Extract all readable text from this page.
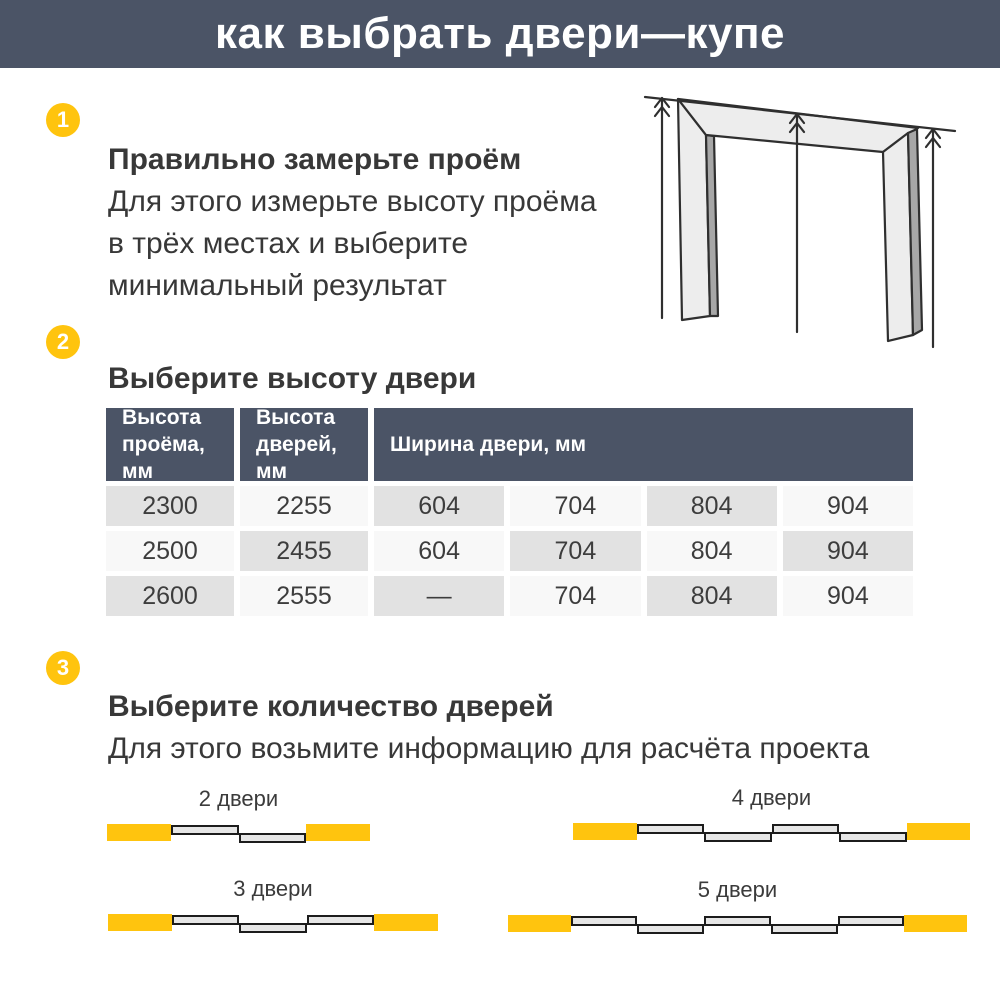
как выбрать двери—купе
1
2
3
Правильно замерьте проём
Для этого измерьте высоту проёма
в трёх местах и выберите
минимальный результат
Выберите высоту двери
Высота проёма, мм
Высота дверей, мм
Ширина двери, мм
2300	2255	604	704	804	904
2500	2455	604	704	804	904
2600	2555	—	704	804	904
Выберите количество дверей
Для этого возьмите информацию для расчёта проекта
2 двери	4 двери
3 двери	5 двери
